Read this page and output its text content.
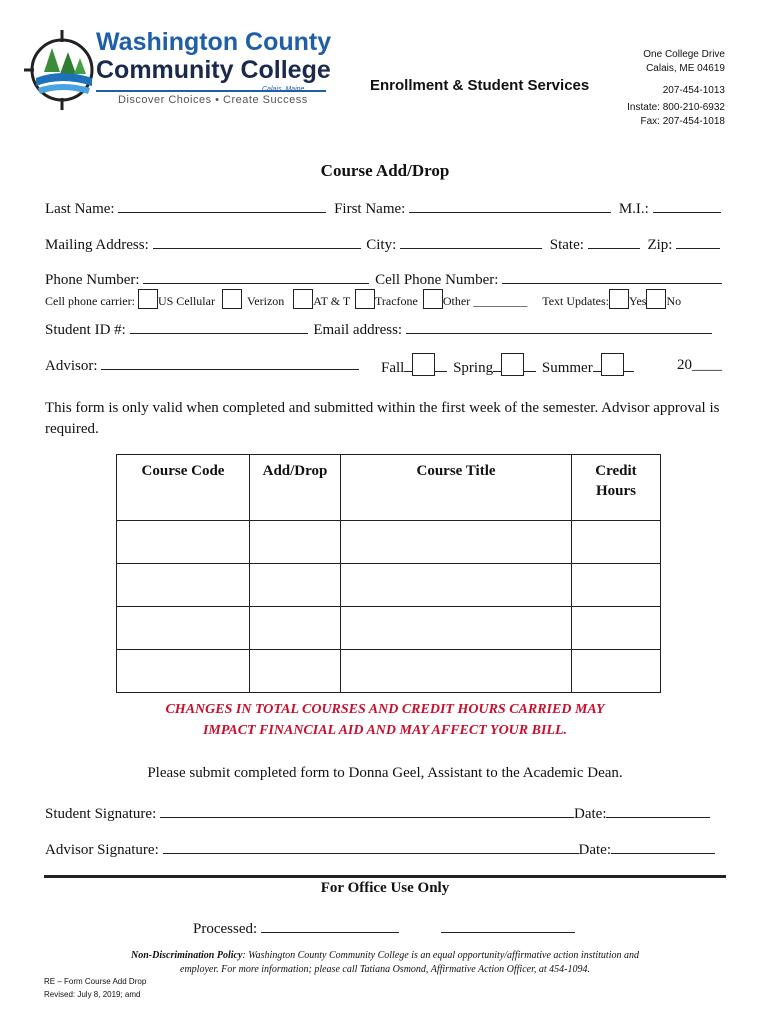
Washington County
Community College
Discover Choices • Create Success
Enrollment & Student Services
One College Drive
Calais, ME 04619
207-454-1013
Instate: 800-210-6932
Fax: 207-454-1018
Course Add/Drop
Last Name:	First Name:	M.I.:
Mailing Address:	City:	State:	Zip:
Phone Number:	Cell Phone Number:
Cell phone carrier: US Cellular	Verizon AT & T Tracfone Other _________ Text Updates: Yes No
Student ID #:	Email address:
Advisor:	Fall	Spring	Summer	20____
This form is only valid when completed and submitted within the first week of the semester. Advisor approval is required.
Course Code	Add/Drop	Course Title	Credit Hours

CHANGES IN TOTAL COURSES AND CREDIT HOURS CARRIED MAY
IMPACT FINANCIAL AID AND MAY AFFECT YOUR BILL.
Please submit completed form to Donna Geel, Assistant to the Academic Dean.
Student Signature:	Date:
Advisor Signature:	Date:
For Office Use Only
Processed:
Non-Discrimination Policy: Washington County Community College is an equal opportunity/affirmative action institution and
employer. For more information; please call Tatiana Osmond, Affirmative Action Officer, at 454-1094.
RE – Form Course Add Drop
Revised: July 8, 2019; amd
